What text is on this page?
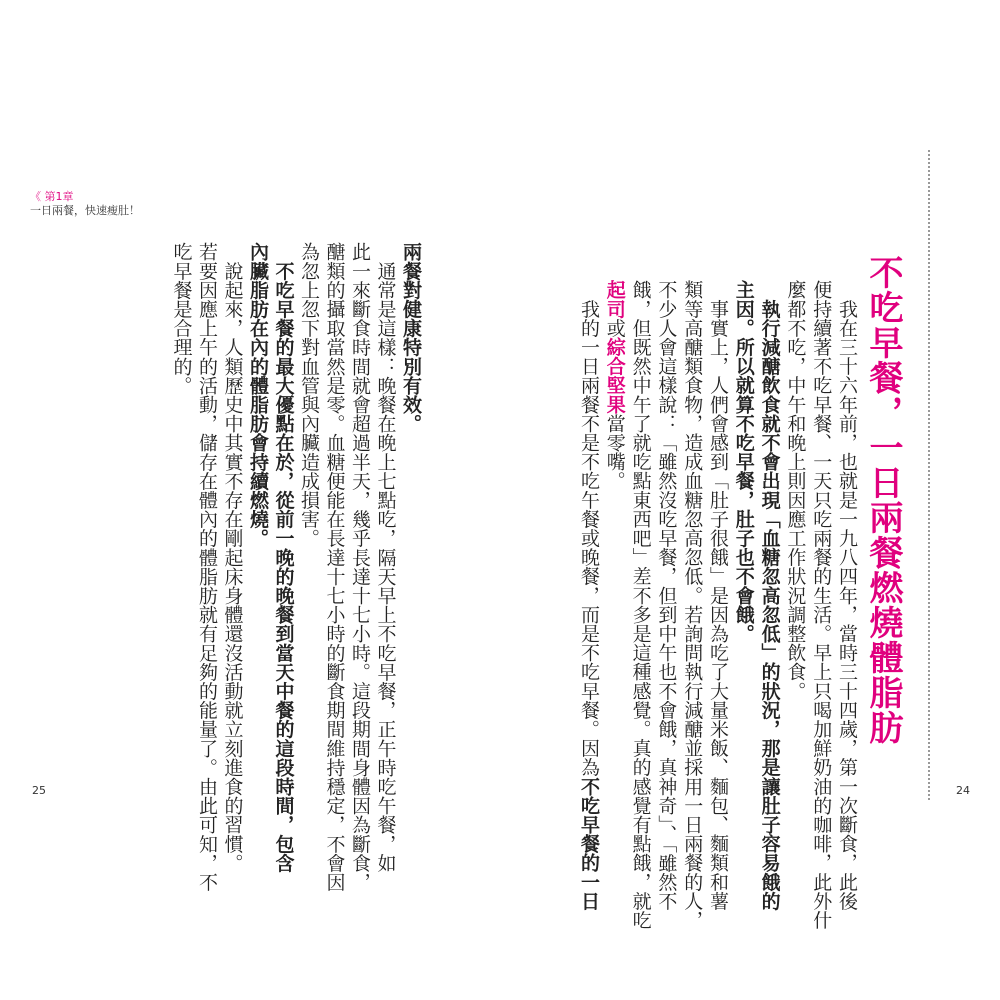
《 第1章
一日兩餐，快速瘦肚！
不吃早餐，一日兩餐燃燒體脂肪
　我在三十六年前，也就是一九八四年，當時三十四歲，第一次斷食，此後
便持續著不吃早餐、一天只吃兩餐的生活。早上只喝加鮮奶油的咖啡，此外什
麼都不吃，中午和晚上則因應工作狀況調整飲食。
　執行減醣飲食就不會出現「血糖忽高忽低」的狀況，那是讓肚子容易餓的
主因。所以就算不吃早餐，肚子也不會餓。
　事實上，人們會感到「肚子很餓」是因為吃了大量米飯、麵包、麵類和薯
類等高醣類食物，造成血糖忽高忽低。若詢問執行減醣並採用一日兩餐的人，
不少人會這樣說：「雖然沒吃早餐，但到中午也不會餓，真神奇」、「雖然不
餓，但既然中午了就吃點東西吧」差不多是這種感覺。真的感覺有點餓，就吃
起司或綜合堅果當零嘴。
　我的一日兩餐不是不吃午餐或晚餐，而是不吃早餐。因為不吃早餐的一日
兩餐對健康特別有效。
　通常是這樣：晚餐在晚上七點吃，隔天早上不吃早餐，正午時吃午餐，如
此一來斷食時間就會超過半天，幾乎長達十七小時。這段期間身體因為斷食，
醣類的攝取當然是零。血糖便能在長達十七小時的斷食期間維持穩定，不會因
為忽上忽下對血管與內臟造成損害。
　不吃早餐的最大優點在於，從前一晚的晚餐到當天中餐的這段時間，包含
內臟脂肪在內的體脂肪會持續燃燒。
　說起來，人類歷史中其實不存在剛起床身體還沒活動就立刻進食的習慣。
若要因應上午的活動，儲存在體內的體脂肪就有足夠的能量了。由此可知，不
吃早餐是合理的。
25	24
